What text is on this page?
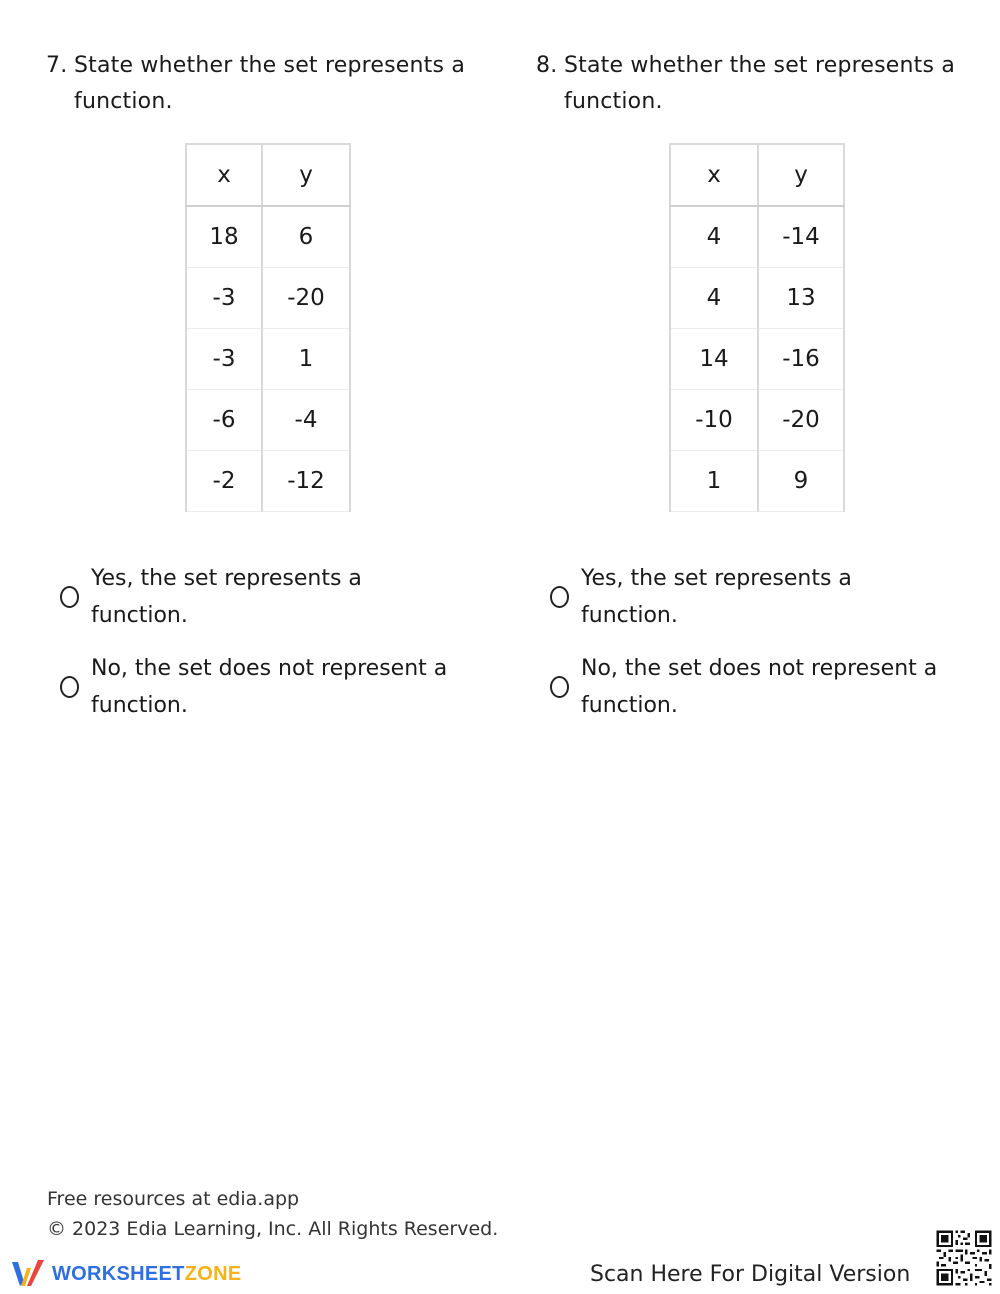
7. State whether the set represents a function.
x	y
18	6
-3	-20
-3	1
-6	-4
-2	-12
Yes, the set represents a function.
No, the set does not represent a function.
8. State whether the set represents a function.
x	y
4	-14
4	13
14	-16
-10	-20
1	9
Yes, the set represents a function.
No, the set does not represent a function.
Free resources at edia.app
© 2023 Edia Learning, Inc. All Rights Reserved.
WORKSHEETZONE	Scan Here For Digital Version
